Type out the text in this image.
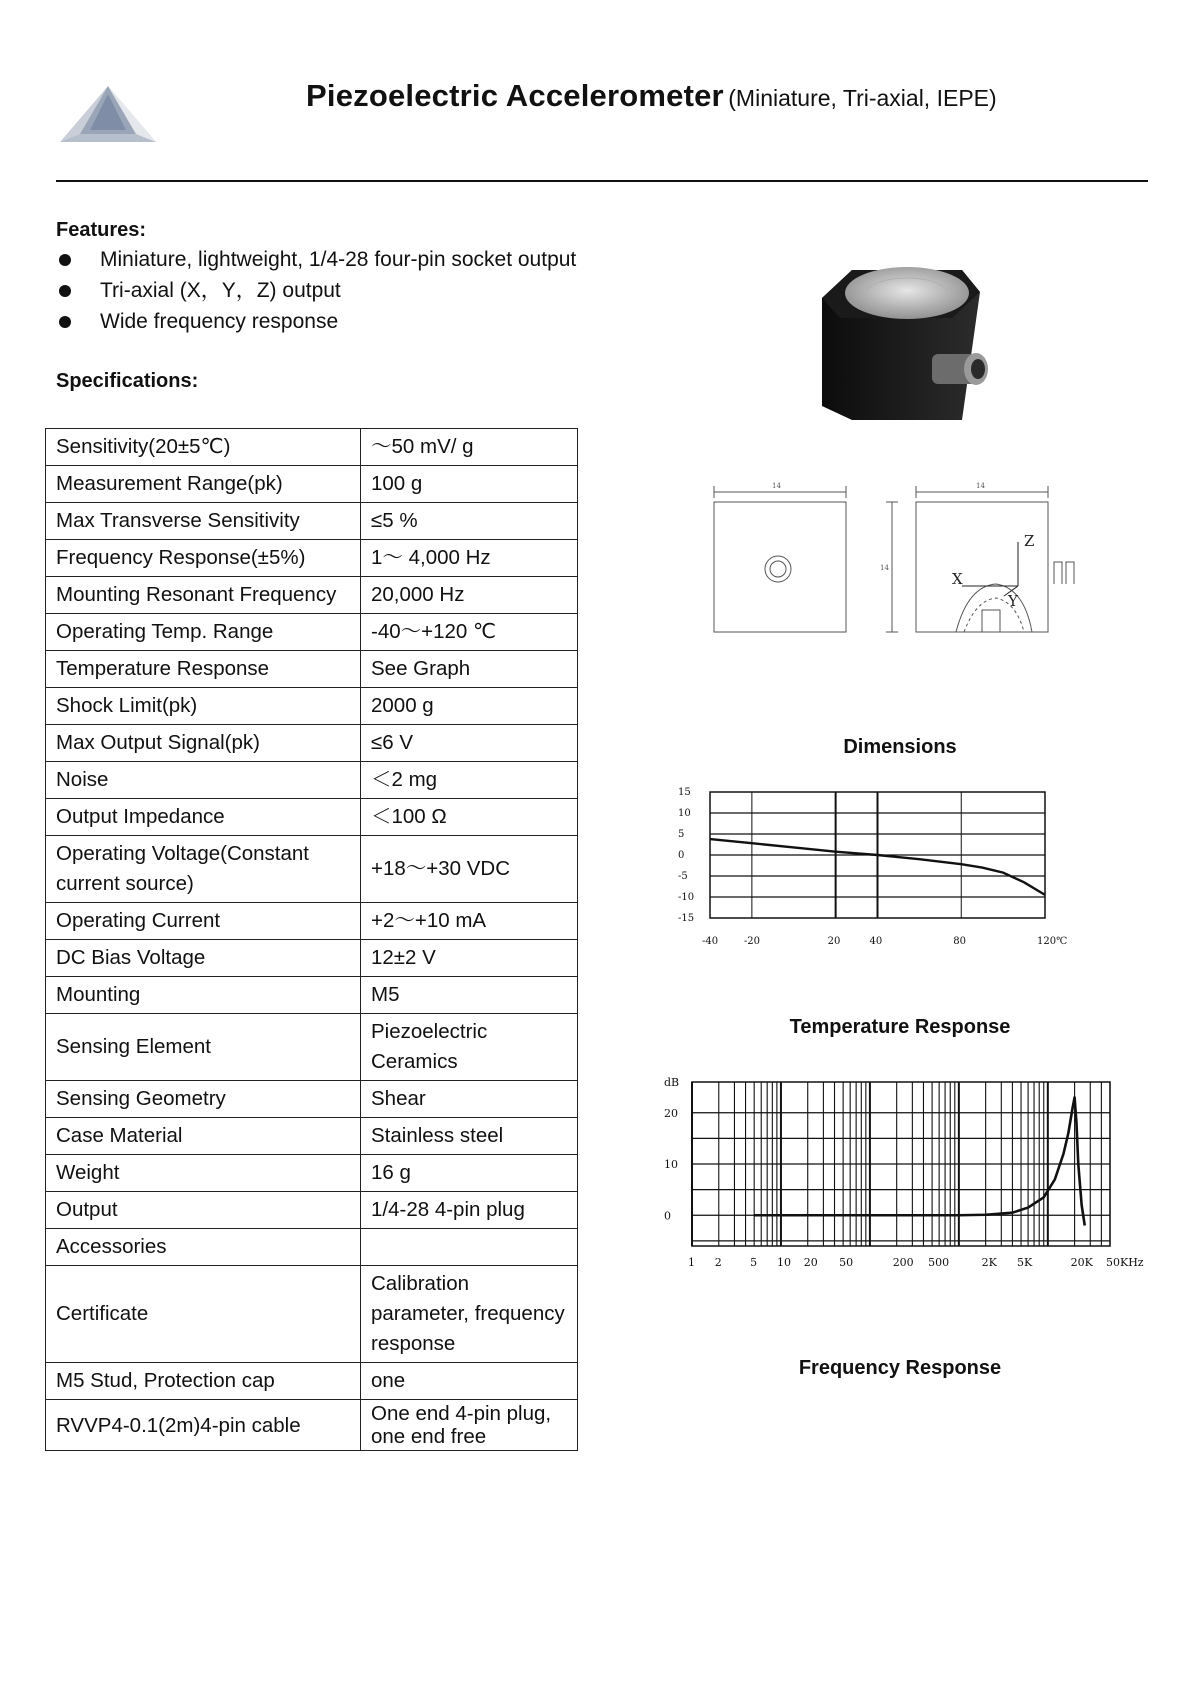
Piezoelectric Accelerometer (Miniature, Tri-axial, IEPE)
Features:
Miniature, lightweight, 1/4-28 four-pin socket output
Tri-axial (X，Y，Z) output
Wide frequency response
Specifications:
Sensitivity(20±5℃)	～50 mV/ g
Measurement Range(pk)	100 g
Max Transverse Sensitivity	≤5 %
Frequency Response(±5%)	1～ 4,000 Hz
Mounting Resonant Frequency	20,000 Hz
Operating Temp. Range	-40～+120 ℃
Temperature Response	See Graph
Shock Limit(pk)	2000 g
Max Output Signal(pk)	≤6 V
Noise	＜2 mg
Output Impedance	＜100 Ω
Operating Voltage(Constant current source)	+18～+30 VDC
Operating Current	+2～+10 mA
DC Bias Voltage	12±2 V
Mounting	M5
Sensing Element	Piezoelectric Ceramics
Sensing Geometry	Shear
Case Material	Stainless steel
Weight	16 g
Output	1/4-28 4-pin plug
Accessories	
Certificate	Calibration parameter, frequency response
M5 Stud, Protection cap	one
RVVP4-0.1(2m)4-pin cable	One end 4-pin plug, one end free
14	14
14
Z
X
Y
Dimensions
15
10
5
0
-5
-10
-15
-40	-20	20	40	80	120℃
Temperature Response
dB
20
10
0
1 2	5 10 20 50	200 500	2K 5K	20K 50KHz
Frequency Response
